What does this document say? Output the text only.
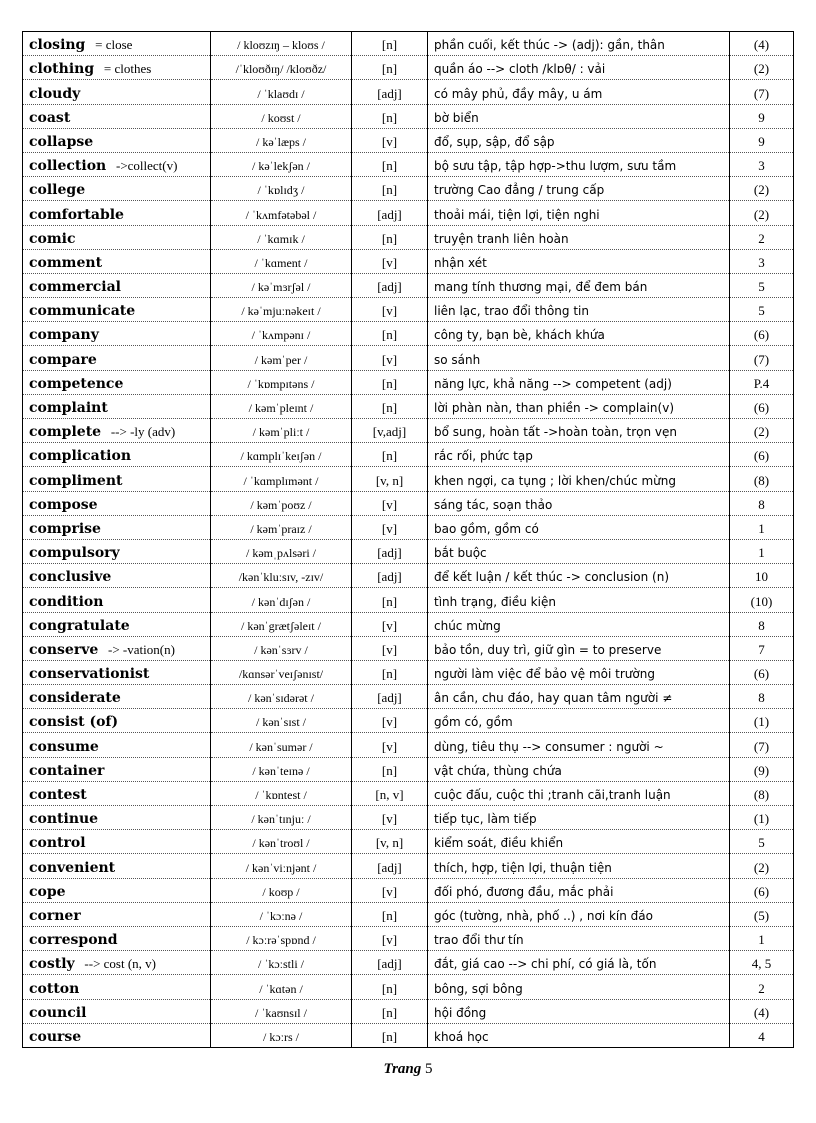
closing = close	/ kloʊzɪŋ – kloʊs /	[n]	phần cuối, kết thúc -> (adj): gần, thân	(4)
clothing = clothes	/ˈkloʊðɪŋ/ /kloʊðz/	[n]	quần áo --> cloth /klɒθ/ : vải	(2)
cloudy	/ ˈklaʊdɪ /	[adj]	có mây phủ, đầy mây, u ám	(7)
coast	/ koʊst /	[n]	bờ biển	9
collapse	/ kəˈlæps /	[v]	đổ, sụp, sập, đổ sập	9
collection ->collect(v)	/ kəˈlekʃən /	[n]	bộ sưu tập, tập hợp->thu lượm, sưu tầm	3
college	/ ˈkɒlɪdʒ /	[n]	trường Cao đẳng / trung cấp	(2)
comfortable	/ ˈkʌmfətəbəl /	[adj]	thoải mái, tiện lợi, tiện nghi	(2)
comic	/ ˈkɑmɪk /	[n]	truyện tranh liên hoàn	2
comment	/ ˈkɑment /	[v]	nhận xét	3
commercial	/ kəˈmɜrʃəl /	[adj]	mang tính thương mại, để đem bán	5
communicate	/ kəˈmjuːnəkeɪt /	[v]	liên lạc, trao đổi thông tin	5
company	/ ˈkʌmpənɪ /	[n]	công ty, bạn bè, khách khứa	(6)
compare	/ kəmˈper /	[v]	so sánh	(7)
competence	/ ˈkɒmpɪtəns /	[n]	năng lực, khả năng --> competent (adj)	P.4
complaint	/ kəmˈpleɪnt /	[n]	lời phàn nàn, than phiền -> complain(v)	(6)
complete --> -ly (adv)	/ kəmˈpliːt /	[v,adj]	bổ sung, hoàn tất ->hoàn toàn, trọn vẹn	(2)
complication	/ kɑmplɪˈkeɪʃən /	[n]	rắc rối, phức tạp	(6)
compliment	/ ˈkɑmplɪmənt /	[v, n]	khen ngợi, ca tụng ; lời khen/chúc mừng	(8)
compose	/ kəmˈpoʊz /	[v]	sáng tác, soạn thảo	8
comprise	/ kəmˈpraɪz /	[v]	bao gồm, gồm có	1
compulsory	/ kəmˌpʌlsəri /	[adj]	bắt buộc	1
conclusive	/kənˈkluːsɪv, -zɪv/	[adj]	để kết luận / kết thúc -> conclusion (n)	10
condition	/ kənˈdɪʃən /	[n]	tình trạng, điều kiện	(10)
congratulate	/ kənˈgrætʃəleɪt /	[v]	chúc mừng	8
conserve -> -vation(n)	/ kənˈsɜrv /	[v]	bảo tồn, duy trì, giữ gìn = to preserve	7
conservationist	/kɑnsərˈveɪʃənɪst/	[n]	người làm việc để bảo vệ môi trường	(6)
considerate	/ kənˈsɪdərət /	[adj]	ân cần, chu đáo, hay quan tâm người ≠	8
consist (of)	/ kənˈsɪst /	[v]	gồm có, gồm	(1)
consume	/ kənˈsumər /	[v]	dùng, tiêu thụ --> consumer : người ~	(7)
container	/ kənˈteɪnə /	[n]	vật chứa, thùng chứa	(9)
contest	/ ˈkɒntest /	[n, v]	cuộc đấu, cuộc thi ;tranh cãi,tranh luận	(8)
continue	/ kənˈtɪnjuː /	[v]	tiếp tục, làm tiếp	(1)
control	/ kənˈtroʊl /	[v, n]	kiểm soát, điều khiển	5
convenient	/ kənˈviːnjənt /	[adj]	thích, hợp, tiện lợi, thuận tiện	(2)
cope	/ koʊp /	[v]	đối phó, đương đầu, mắc phải	(6)
corner	/ ˈkɔːnə /	[n]	góc (tường, nhà, phố ..) , nơi kín đáo	(5)
correspond	/ kɔːrəˈspɒnd /	[v]	trao đổi thư tín	1
costly --> cost (n, v)	/ ˈkɔːstli /	[adj]	đắt, giá cao --> chi phí, có giá là, tốn	4, 5
cotton	/ ˈkɑtən /	[n]	bông, sợi bông	2
council	/ ˈkaʊnsɪl /	[n]	hội đồng	(4)
course	/ kɔːrs /	[n]	khoá học	4
Trang 5
